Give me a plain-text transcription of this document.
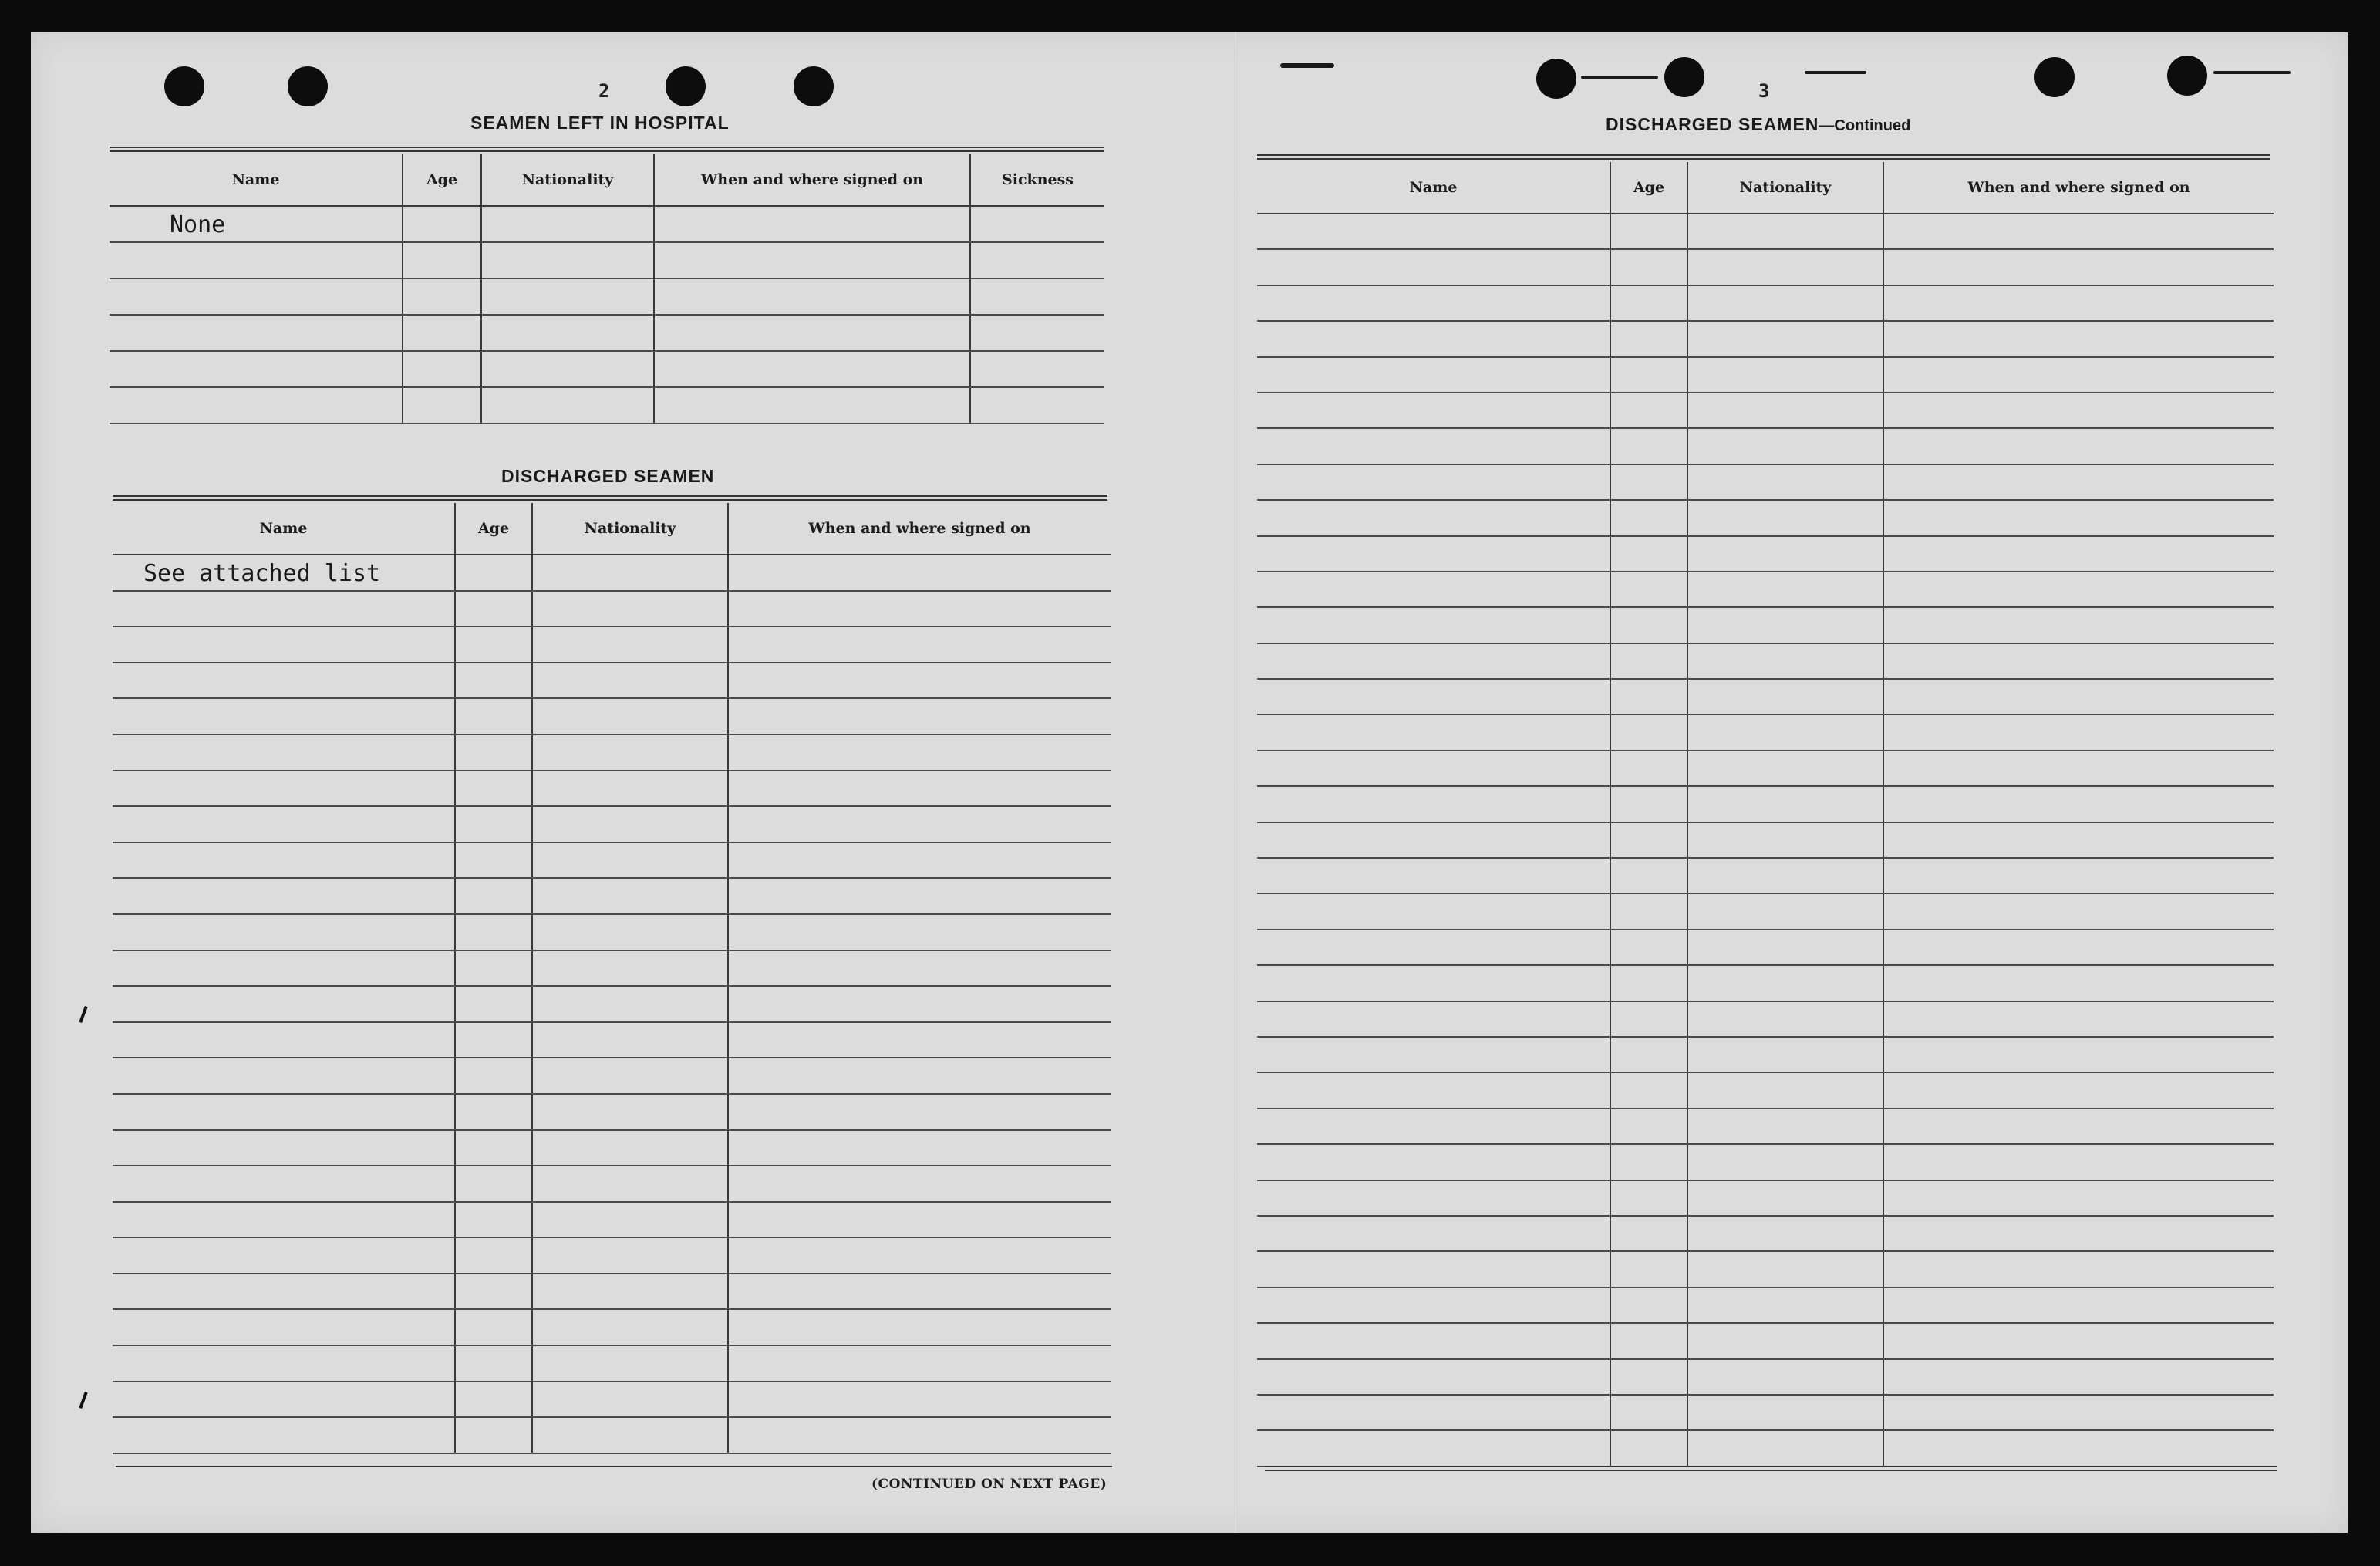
2
SEAMEN LEFT IN HOSPITAL
Name	Age	Nationality	When and where signed on	Sickness

None				

DISCHARGED SEAMEN
Name	Age	Nationality	When and where signed on

See attached list			

(CONTINUED ON NEXT PAGE)
3
DISCHARGED SEAMEN—Continued
Name	Age	Nationality	When and where signed on
